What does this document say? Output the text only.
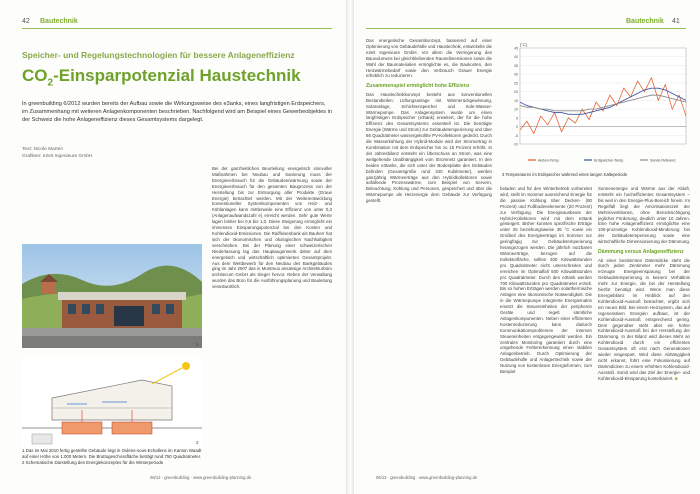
42 Bautechnik
Speicher- und Regelungstechnologien für bessere Anlageneffizienz
$CO_2$-Einsparpotenzial Haustechnik
In greenbuilding 6/2012 wurden bereits der Aufbau sowie die Wirkungsweise des e3anks, eines langfristigen Erdspeichers, im Zusammenhang mit weiteren Anlagenkomponenten beschrieben. Nachfolgend wird am Beispiel eines Gewerbeobjektes in der Schweiz die hohe Anlageneffizienz dieses Gesamtsystems dargelegt.
Text: Nicole Marten
Grafiken: e2eit Ingenieure GmbH
1
2
1 Das im Mai 2010 fertig gestellte Gebäude liegt in Oulens-sous-Echallens im Kanton Waadt auf einer Höhe von 1.000 Metern. Die Bruttogeschossfläche beträgt rund 750 Quadratmeter.
2 Schematische Darstellung des Energiekonzeptes für die Winterperiode
Bei der ganzheitlichen Beurteilung energetisch sinnvoller Maßnahmen bei Neubau und Sanierung muss der Energieverbrauch für die Gebäudeerwärmung sowie der Energieverbrauch für den gesamten Baugrozess von der Herstellung bis zur Entsorgung aller Produkte (Graue Energie) betrachtet werden. Mit der Weiterentwicklung konventioneller Systemkomponenten von Heiz- und Kühlanlagen kann mittlerweile eine Effizienz von unter 0,3 (Anlagenaufwandszahl e) erreicht werden. Sehr gute Werte lagen bisher bei 0,6 bis 1,0. Diese Steigerung ermöglicht ein immenses Einsparungspotenzial bei den Kosten und Kohlendioxid-Emissionen. Die Raiffeisenbank als Bauherr hat sich der ökonomischen und ökologischen Nachhaltigkeit verschrieben. Bei der Planung einer schweizerischen Niederlassung lag das Hauptaugenmerk daher auf dem energetisch und wirtschaftlich optimierten Gesamtprojekt. Aus dem Wettbewerb für den Neubau des Bankgebäudes ging im Jahr 2007 das in Montreux ansässige Architekturbüro architecum GmbH als Sieger hervor. Neben der Verwaltung wurden das Büro für die Ausführungsplanung und Bauleitung verantwortlich.
06/13 · greenbuilding · www.greenbuilding-planning.de
Bautechnik 41
Das energetische Gesamtkonzept, basierend auf einer Optimierung von Gebäudehülle und Haustechnik, entwickelte die e2eit Ingenieure GmbH. Vor allem die Verringerung des Bauvolumens bei gleichbleibenden Raumdimensionen sowie die Wahl der Baumaterialien ermöglichte es, die Baukosten, den Heizwärmebedarf sowie den Verbrauch Grauer Energie erheblich zu reduzieren.
Zusammenspiel ermöglicht hohe Effizienz
Das Haustechnikkonzept besteht aus konventionellen Bestandteilen: Lüftungsanlage mit Wärmerückgewinnung, Solaranlage, Schichtenspeicher und Sole-Wasser-Wärmepumpe. Das Anlagensystem wurde um einen langfristigen Erdspeicher (e3tank) erweitert, der für die hohe Effizienz des Gesamtsystems essentiell ist. Die benötigte Energie (Wärme und Strom) zur Gebäudetemperierung und über 86 Quadratmeter wassergekühlte PV-Kollektoren gedeckt. Durch die Wasserkühlung der Hybrid-Module wird der Stromertrag in Kombination mit dem Erdspeicher bis zu 15 Prozent erhöht. In der Jahresbilanz entsteht ein Überschuss an Strom, was eine weitgehende Unabhängigkeit vom Stromnetz garantiert. In den beiden e3tanks, die sich unter der Bodenplatte des Gebäudes befinden (Gesamtgröße rund 340 Kubikmeter), werden ganzjährig Wärmeerträge aus den Hybridkollektoren sowie anfallende Prozesswärme, zum Beispiel von Servern, Beleuchtung, Kühlung und Personen, gespeichert und über die Wärmepumpe als Heizenergie dem Gebäude zur Verfügung gestellt.
-10
-5
0
5
10
15
20
25
30
35
40
45
[°C]
Außen-Temp.	Erdspeicher-Temp.	Sonde Referenz
3 Temperaturen im Erdspeicher während eines langen Kälteperiode
beladen und für den Winterbetrieb vorbereitet wird, stellt im Sommer ausreichend Energie für die passive Kühlung über Decken- (80 Prozent) und Fußbodenelemente (20 Prozent) zur Verfügung. Die Energieausbeute der Hybrid-Kollektoren wird mit dem e3tank gesteigert. Bisher konnten spezifische Erträge unter 25 beziehungsweise 35 °C sowie ein Großteil des Energieertrags im Sommer nur geringfügig zur Gebäudetemperierung herangezogen werden. Die jährlich nutzbaren Wärmeerträge, bezogen auf die Kollektorfläche, sollten 300 Kilowattstunden pro Quadratmeter nicht unterschreiten und erreichen im Optimalfall 500 Kilowattstunden pro Quadratmeter. Durch den e3tank werden 700 Kilowattstunden pro Quadratmeter erzielt. Bis so hohen Erträgen werden solarthermische Anlagen eine ökonomische Notwendigkeit. Die in die Wärmepumpe integrierte Energiematrix ersetzt die Steuereinheiten der peripheren Geräte und regelt sämtliche Anlagenkomponenten. Neben einer effizienten Kostenreduzierung kann dadurch Kommunikationsproblemen der internen Steuereinheiten entgegengewirkt werden. Ein zentrales Monitoring garantiert durch eine umgehende Fehlererkennung einen stabilen Anlagenbetrieb. Durch Optimierung der Gebäudehülle und Anlagentechnik sowie der Nutzung von kostenlosen Energieformen, zum Beispiel
Sonnenenergie und Wärme aus der Abluft, entsteht ein hocheffizientes Gesamtsystem – bis weit in den Energie-Plus-Bereich hinein. Im Regelfall liegt der Amortisationszeit der Mehrinvestitionen, ohne Berücksichtigung jeglicher Förderung, deutlich unter 10 Jahren. Eine hohe Anlageneffizienz ermöglichte eine 100-prozentige Kohlendioxid-Minderung bei der Gebäudetemperierung sowie eine wirtschaftliche Dimensionierung der Dämmung.
Dämmung versus Anlageneffizienz
Ab einer bestimmten Dämmdicke steht die durch jeden Zentimeter mehr Dämmung erzeugte Energieeinsparung bei der Gebäudetemperierung in keinem Verhältnis mehr zur Energie, die bei der Herstellung hierfür benötigt wird. Wenn man diese Energiebilanz im Hinblick auf den Kohlendioxid-Ausstoß betrachtet, ergibt sich ein neues Bild. Bei einem Heizsystem, das auf regenerativen Energien aufbaut, ist der Kohlendioxid-Ausstoß entsprechend gering. Dem gegenüber steht aber ein hoher Kohlendioxid-Ausstoß bei der Herstellung der Dämmung. In der Bilanz wird dieses Mehr an Kohlendioxid durch ein effizientes Gesamtsystem oft erst nach Generationen wieder eingespart. Wird diese Abhängigkeit nicht erkannt, führt eine Fokussierung auf Dämmdicken zu einem erhöhten Kohlendioxid-Ausstoß. Somit wird das Ziel der Energie- und Kohlendioxid-Einsparung konterkariert. ■
06/13 · greenbuilding · www.greenbuilding-planning.de
